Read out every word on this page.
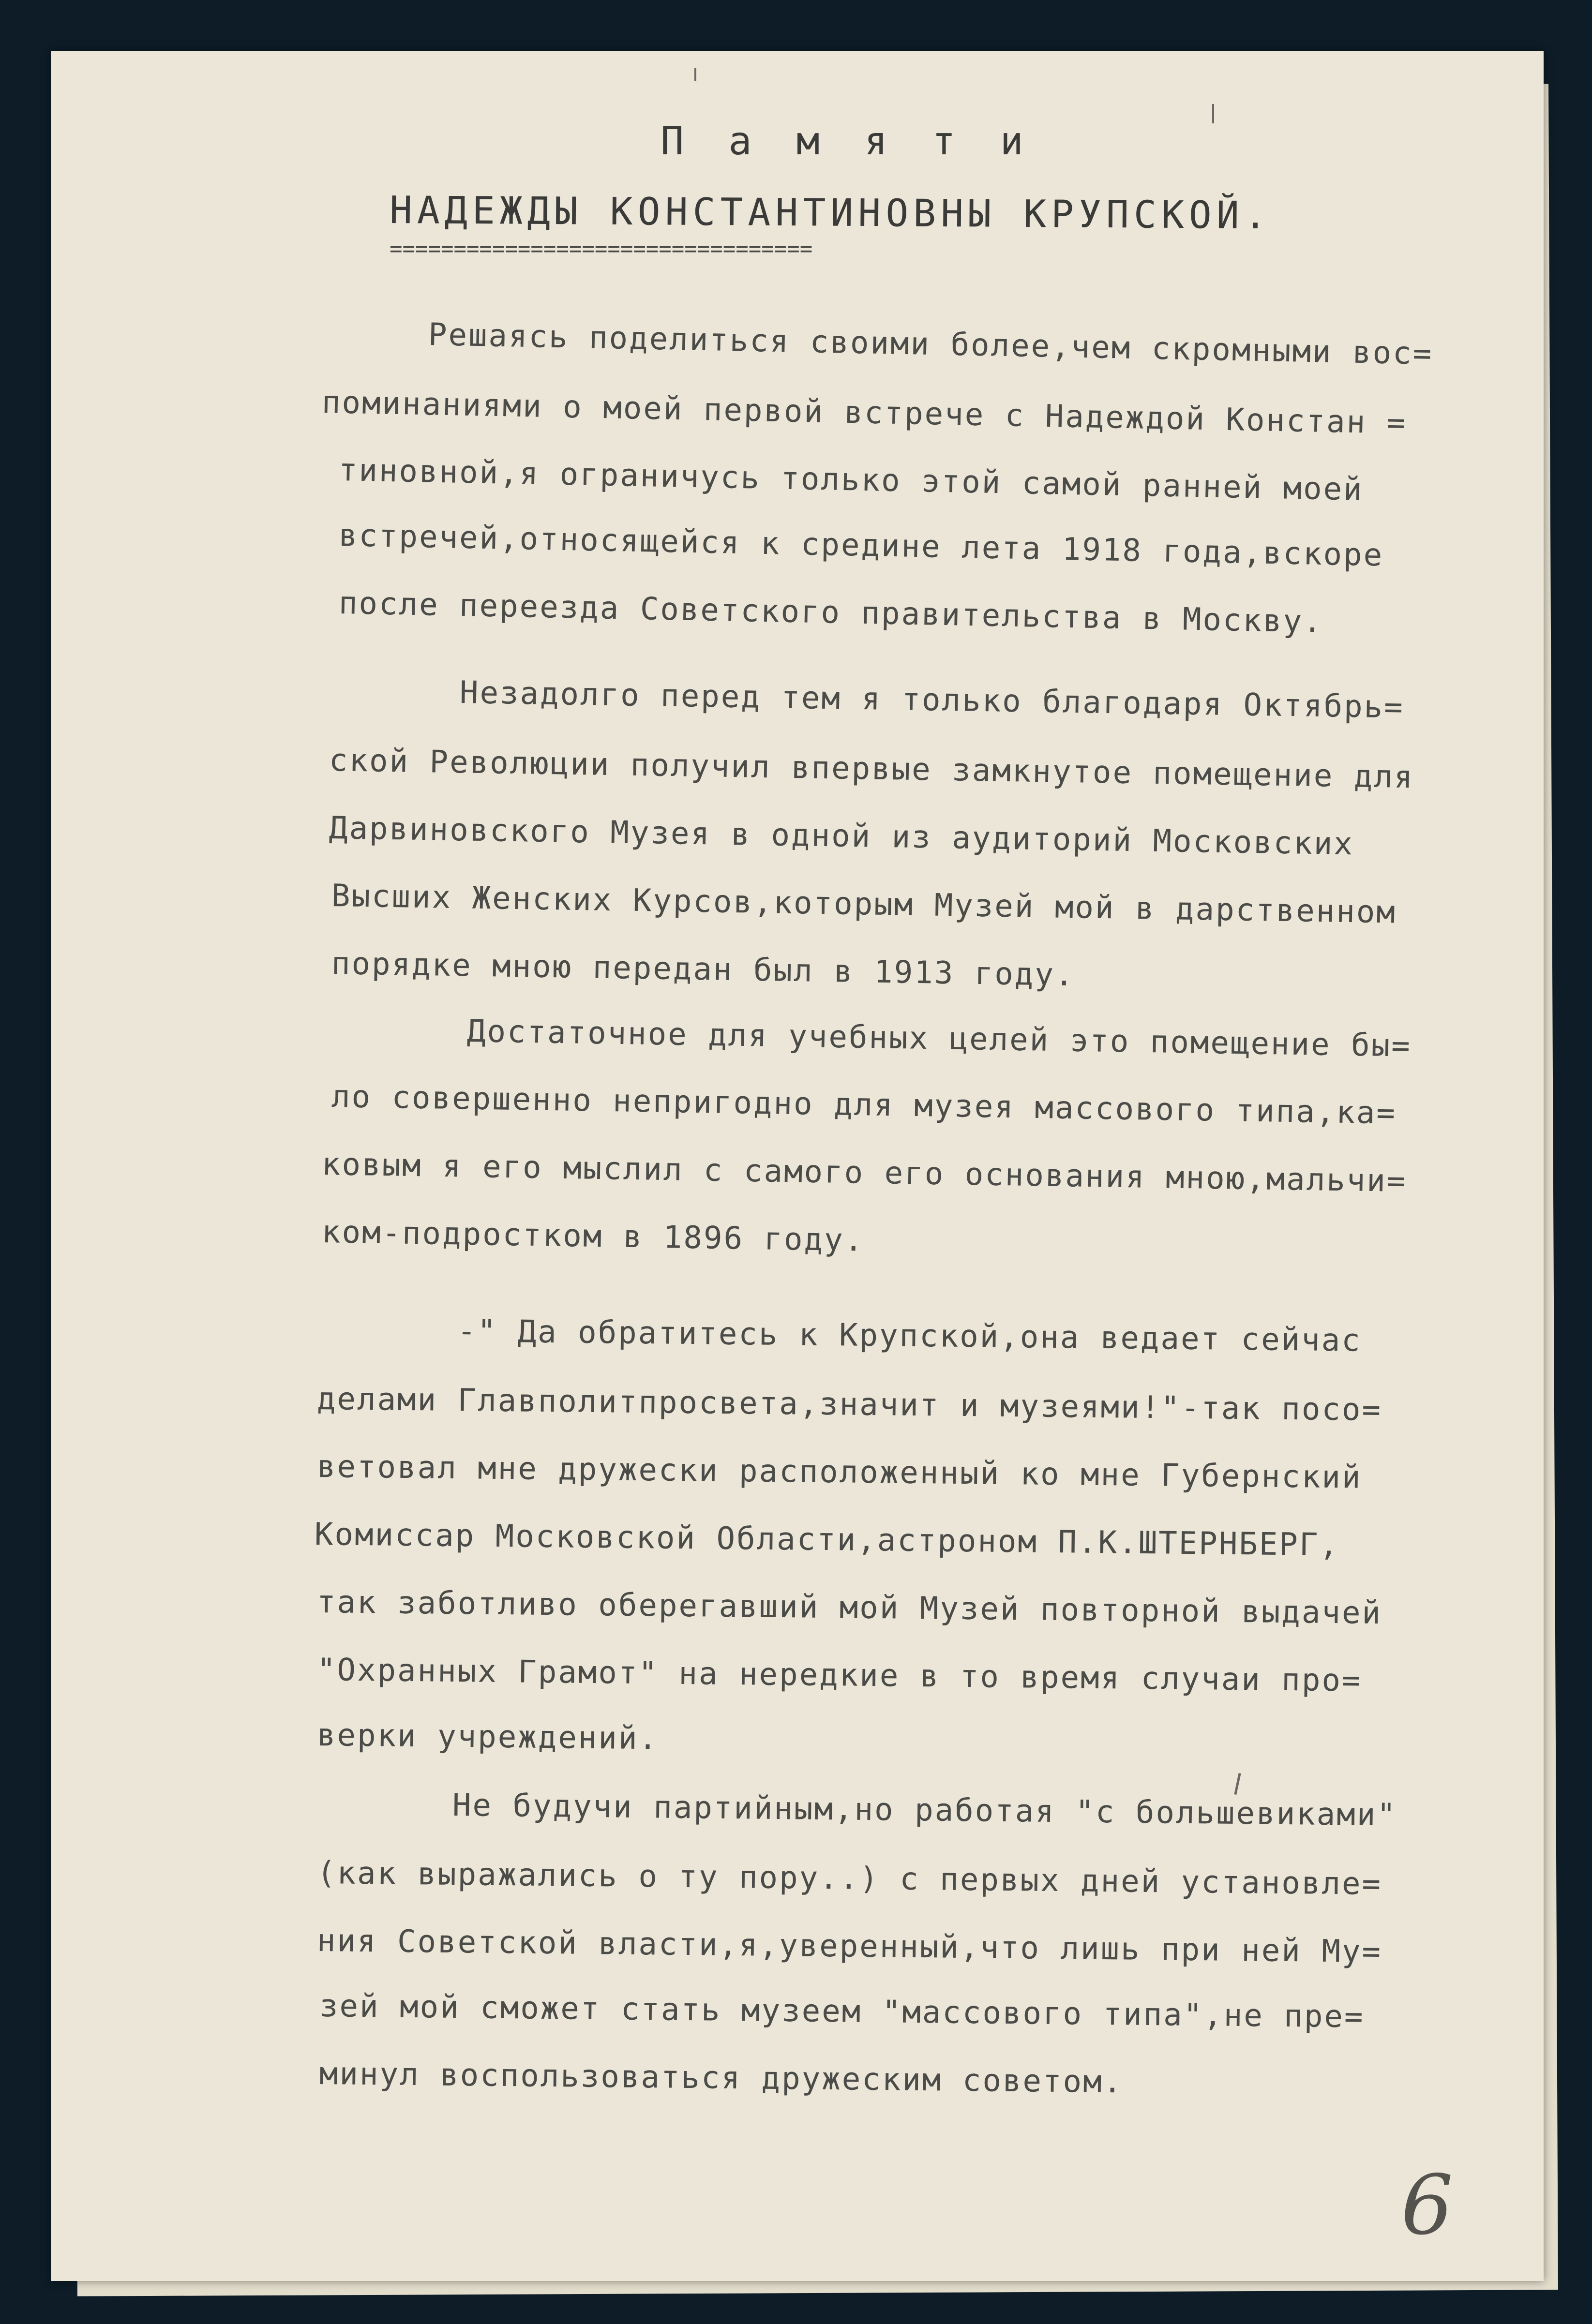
П а м я т и
НАДЕЖДЫ КОНСТАНТИНОВНЫ КРУПСКОЙ.
=================================
Решаясь поделиться своими более,чем скромными вос=
поминаниями о моей первой встрече с Надеждой Констан =
тиновной,я ограничусь только этой самой ранней моей
встречей,относящейся к средине лета 1918 года,вскоре
после переезда Советского правительства в Москву.
Незадолго перед тем я только благодаря Октябрь=
ской Революции получил впервые замкнутое помещение для
Дарвиновского Музея в одной из аудиторий Московских
Высших Женских Курсов,которым Музей мой в дарственном
порядке мною передан был в 1913 году.
Достаточное для учебных целей это помещение бы=
ло совершенно непригодно для музея массового типа,ка=
ковым я его мыслил с самого его основания мною,мальчи=
ком-подростком в 1896 году.
-" Да обратитесь к Крупской,она ведает сейчас
делами Главполитпросвета,значит и музеями!"-так посо=
ветовал мне дружески расположенный ко мне Губернский
Комиссар Московской Области,астроном П.К.ШТЕРНБЕРГ,
так заботливо оберегавший мой Музей повторной выдачей
"Охранных Грамот" на нередкие в то время случаи про=
верки учреждений.
Не будучи партийным,но работая "с большевиками"
(как выражались о ту пору..) с первых дней установле=
ния Советской власти,я,уверенный,что лишь при ней Му=
зей мой сможет стать музеем "массового типа",не пре=
минул воспользоваться дружеским советом.
6
